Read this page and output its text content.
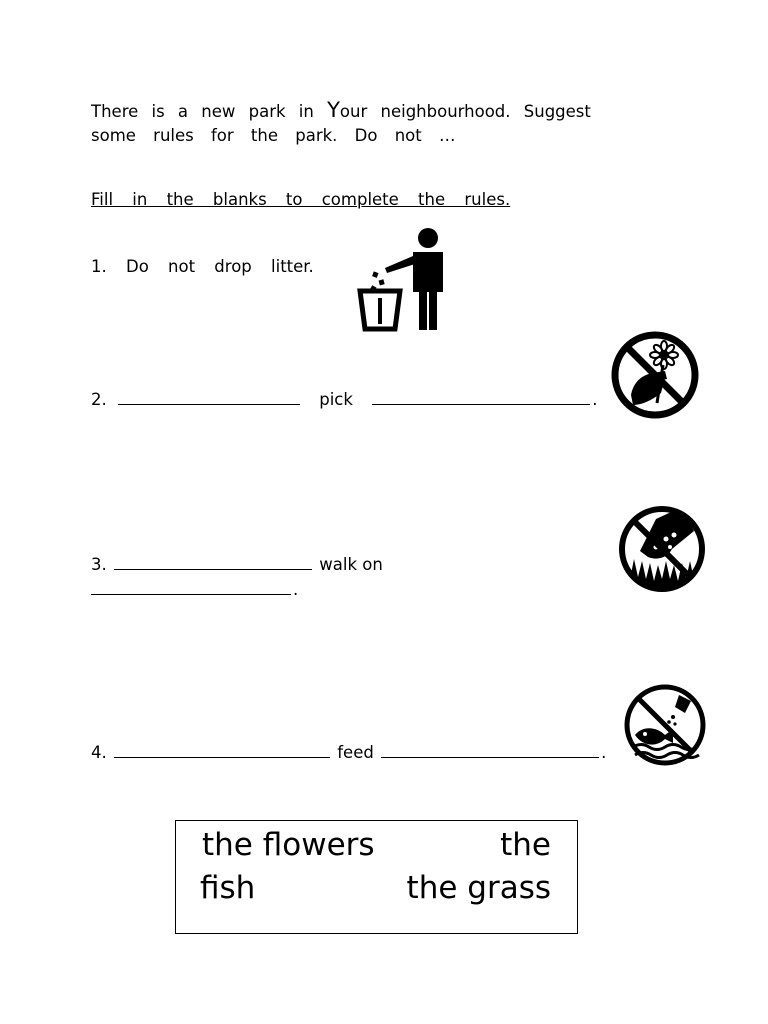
There is a new park in Your neighbourhood. Suggest
some rules for the park. Do not …
Fill in the blanks to complete the rules.
1. Do not drop litter.
2.	pick	.
3.	walk on
.
4.	feed	.
the flowers	the
fish	the grass
